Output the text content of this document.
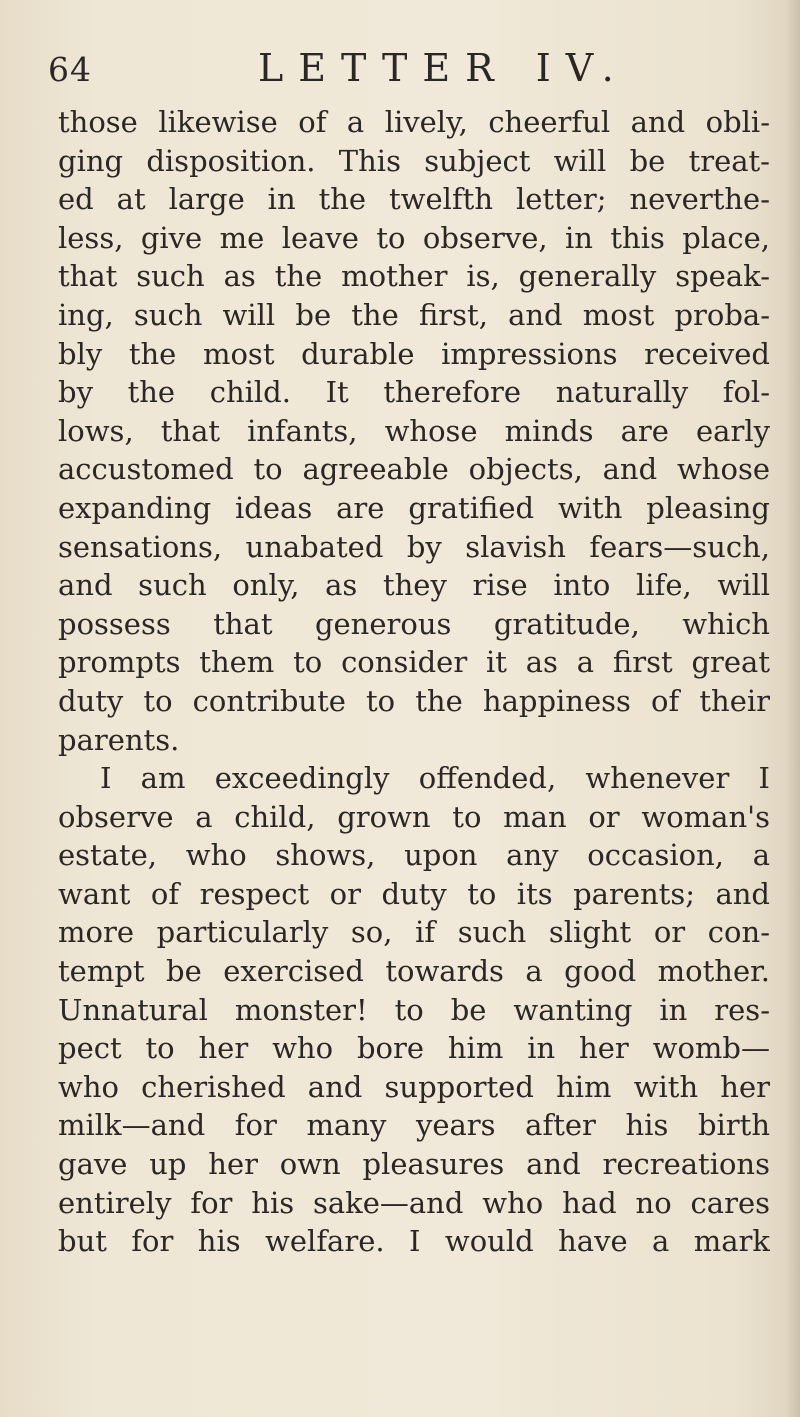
64	LETTER IV.
those likewise of a lively, cheerful and obli-
ging disposition. This subject will be treat-
ed at large in the twelfth letter; neverthe-
less, give me leave to observe, in this place,
that such as the mother is, generally speak-
ing, such will be the first, and most proba-
bly the most durable impressions received
by the child. It therefore naturally fol-
lows, that infants, whose minds are early
accustomed to agreeable objects, and whose
expanding ideas are gratified with pleasing
sensations, unabated by slavish fears—such,
and such only, as they rise into life, will
possess that generous gratitude, which
prompts them to consider it as a first great
duty to contribute to the happiness of their
parents.
I am exceedingly offended, whenever I
observe a child, grown to man or woman's
estate, who shows, upon any occasion, a
want of respect or duty to its parents; and
more particularly so, if such slight or con-
tempt be exercised towards a good mother.
Unnatural monster! to be wanting in res-
pect to her who bore him in her womb—
who cherished and supported him with her
milk—and for many years after his birth
gave up her own pleasures and recreations
entirely for his sake—and who had no cares
but for his welfare. I would have a mark
